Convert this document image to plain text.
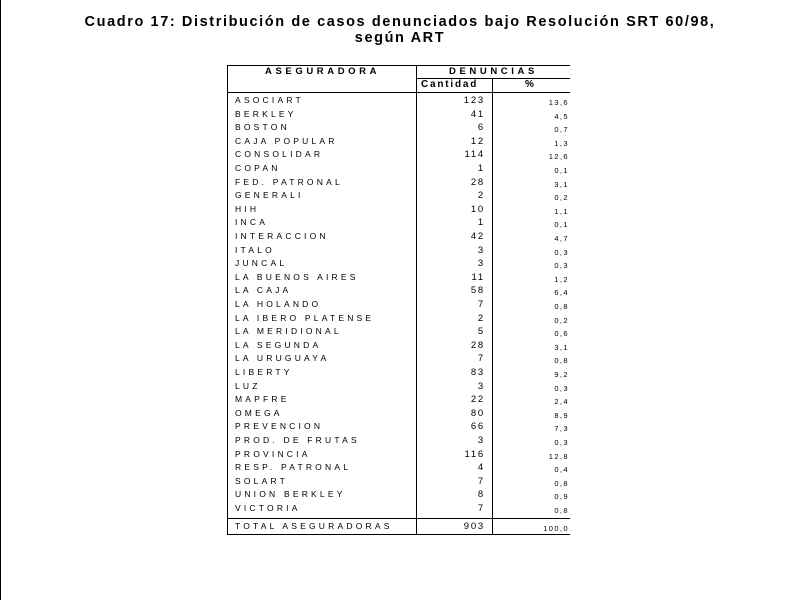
Cuadro 17: Distribución de casos denunciados bajo Resolución SRT 60/98,
según ART
ASEGURADORA	DENUNCIAS
Cantidad	%
ASOCIART	123	13,6
BERKLEY	41	4,5
BOSTON	6	0,7
CAJA POPULAR	12	1,3
CONSOLIDAR	114	12,6
COPAN	1	0,1
FED. PATRONAL	28	3,1
GENERALI	2	0,2
HIH	10	1,1
INCA	1	0,1
INTERACCION	42	4,7
ITALO	3	0,3
JUNCAL	3	0,3
LA BUENOS AIRES	11	1,2
LA CAJA	58	6,4
LA HOLANDO	7	0,8
LA IBERO PLATENSE	2	0,2
LA MERIDIONAL	5	0,6
LA SEGUNDA	28	3,1
LA URUGUAYA	7	0,8
LIBERTY	83	9,2
LUZ	3	0,3
MAPFRE	22	2,4
OMEGA	80	8,9
PREVENCION	66	7,3
PROD. DE FRUTAS	3	0,3
PROVINCIA	116	12,8
RESP. PATRONAL	4	0,4
SOLART	7	0,8
UNION BERKLEY	8	0,9
VICTORIA	7	0,8
TOTAL ASEGURADORAS	903	100,0
